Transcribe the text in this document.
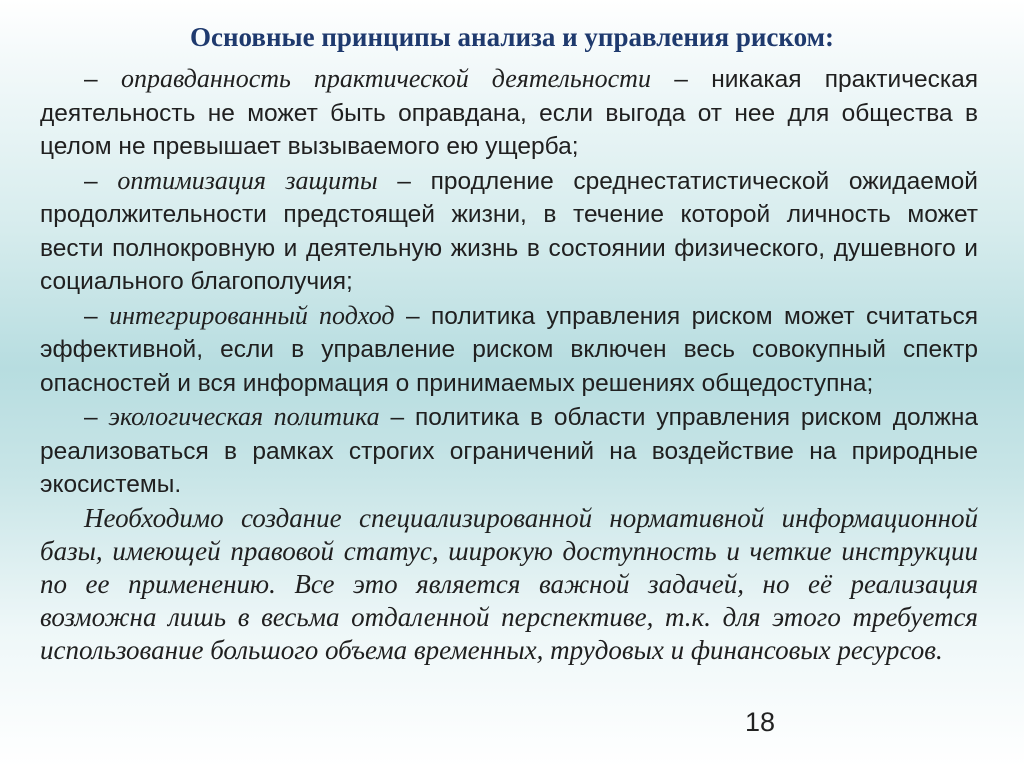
Основные принципы анализа и управления риском:

– оправданность практической деятельности – никакая практическая деятельность не может быть оправдана, если выгода от нее для общества в целом не превышает вызываемого ею ущерба;

– оптимизация защиты – продление среднестатистической ожидаемой продолжительности предстоящей жизни, в течение которой личность может вести полнокровную и деятельную жизнь в состоянии физического, душевного и социального благополучия;

– интегрированный подход – политика управления риском может считаться эффективной, если в управление риском включен весь совокупный спектр опасностей и вся информация о принимаемых решениях общедоступна;

– экологическая политика – политика в области управления риском должна реализоваться в рамках строгих ограничений на воздействие на природные экосистемы.

Необходимо создание специализированной нормативной информационной базы, имеющей правовой статус, широкую доступность и четкие инструкции по ее применению. Все это является важной задачей, но её реализация возможна лишь в весьма отдаленной перспективе, т.к. для этого требуется использование большого объема временных, трудовых и финансовых ресурсов.

18
